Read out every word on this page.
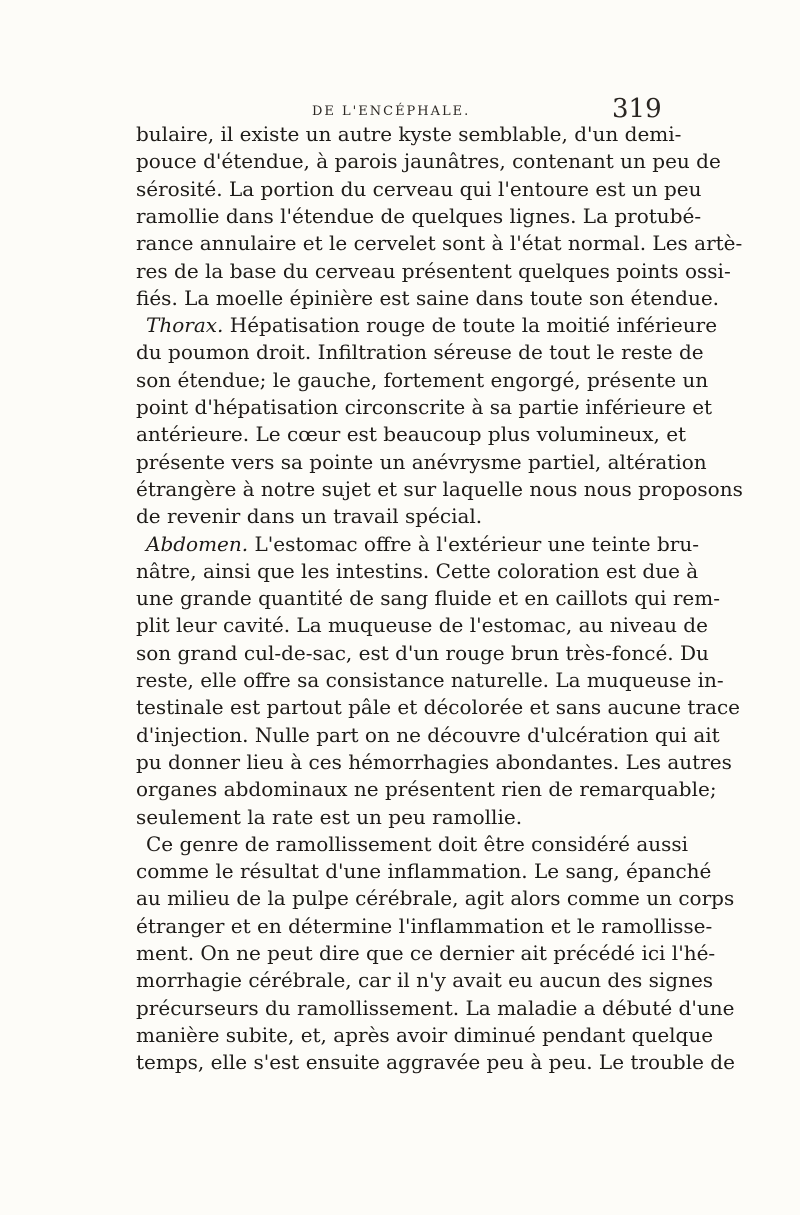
DE L'ENCÉPHALE.	319
bulaire, il existe un autre kyste semblable, d'un demi-
pouce d'étendue, à parois jaunâtres, contenant un peu de
sérosité. La portion du cerveau qui l'entoure est un peu
ramollie dans l'étendue de quelques lignes. La protubé-
rance annulaire et le cervelet sont à l'état normal. Les artè-
res de la base du cerveau présentent quelques points ossi-
fiés. La moelle épinière est saine dans toute son étendue.
Thorax. Hépatisation rouge de toute la moitié inférieure
du poumon droit. Infiltration séreuse de tout le reste de
son étendue; le gauche, fortement engorgé, présente un
point d'hépatisation circonscrite à sa partie inférieure et
antérieure. Le cœur est beaucoup plus volumineux, et
présente vers sa pointe un anévrysme partiel, altération
étrangère à notre sujet et sur laquelle nous nous proposons
de revenir dans un travail spécial.
Abdomen. L'estomac offre à l'extérieur une teinte bru-
nâtre, ainsi que les intestins. Cette coloration est due à
une grande quantité de sang fluide et en caillots qui rem-
plit leur cavité. La muqueuse de l'estomac, au niveau de
son grand cul-de-sac, est d'un rouge brun très-foncé. Du
reste, elle offre sa consistance naturelle. La muqueuse in-
testinale est partout pâle et décolorée et sans aucune trace
d'injection. Nulle part on ne découvre d'ulcération qui ait
pu donner lieu à ces hémorrhagies abondantes. Les autres
organes abdominaux ne présentent rien de remarquable;
seulement la rate est un peu ramollie.
Ce genre de ramollissement doit être considéré aussi
comme le résultat d'une inflammation. Le sang, épanché
au milieu de la pulpe cérébrale, agit alors comme un corps
étranger et en détermine l'inflammation et le ramollisse-
ment. On ne peut dire que ce dernier ait précédé ici l'hé-
morrhagie cérébrale, car il n'y avait eu aucun des signes
précurseurs du ramollissement. La maladie a débuté d'une
manière subite, et, après avoir diminué pendant quelque
temps, elle s'est ensuite aggravée peu à peu. Le trouble de
